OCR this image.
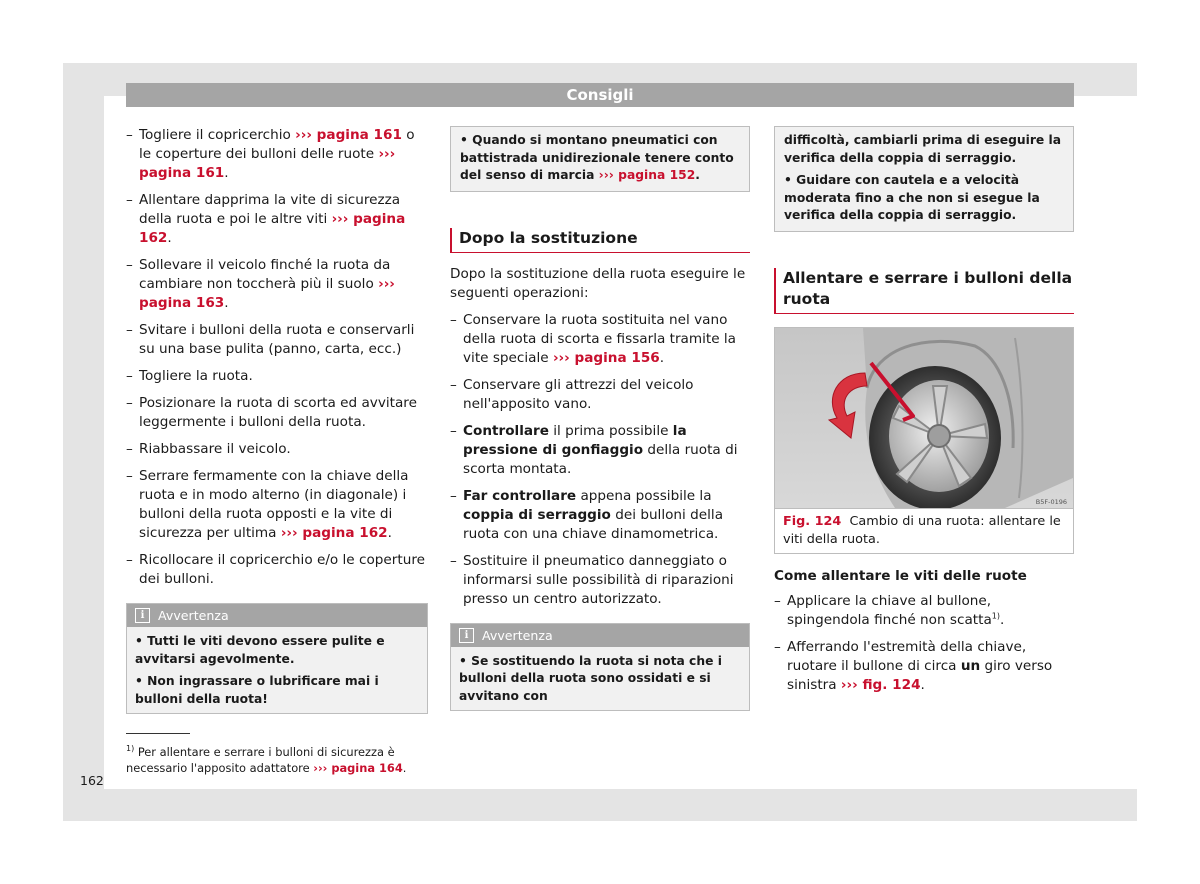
Consigli
– Togliere il copricerchio ››› pagina 161 o le coperture dei bulloni delle ruote ››› pagina 161.
– Allentare dapprima la vite di sicurezza della ruota e poi le altre viti ››› pagina 162.
– Sollevare il veicolo finché la ruota da cambiare non toccherà più il suolo ››› pagina 163.
– Svitare i bulloni della ruota e conservarli su una base pulita (panno, carta, ecc.)
– Togliere la ruota.
– Posizionare la ruota di scorta ed avvitare leggermente i bulloni della ruota.
– Riabbassare il veicolo.
– Serrare fermamente con la chiave della ruota e in modo alterno (in diagonale) i bulloni della ruota opposti e la vite di sicurezza per ultima ››› pagina 162.
– Ricollocare il copricerchio e/o le coperture dei bulloni.
i	Avvertenza

• Tutti le viti devono essere pulite e avvitarsi agevolmente.

• Non ingrassare o lubrificare mai i bulloni della ruota!

• Quando si montano pneumatici con battistrada unidirezionale tenere conto del senso di marcia ››› pagina 152.
Dopo la sostituzione

Dopo la sostituzione della ruota eseguire le seguenti operazioni:

– Conservare la ruota sostituita nel vano della ruota di scorta e fissarla tramite la vite speciale ››› pagina 156.
– Conservare gli attrezzi del veicolo nell'apposito vano.
– Controllare il prima possibile la pressione di gonfiaggio della ruota di scorta montata.
– Far controllare appena possibile la coppia di serraggio dei bulloni della ruota con una chiave dinamometrica.
– Sostituire il pneumatico danneggiato o informarsi sulle possibilità di riparazioni presso un centro autorizzato.
i	Avvertenza

• Se sostituendo la ruota si nota che i bulloni della ruota sono ossidati e si avvitano con

difficoltà, cambiarli prima di eseguire la verifica della coppia di serraggio.

• Guidare con cautela e a velocità moderata fino a che non si esegue la verifica della coppia di serraggio.

Allentare e serrare i bulloni della ruota
B5F-0196
Fig. 124 Cambio di una ruota: allentare le viti della ruota.

Come allentare le viti delle ruote

– Applicare la chiave al bullone, spingendola finché non scatta$^{1)}$.
– Afferrando l'estremità della chiave, ruotare il bullone di circa un giro verso sinistra ››› fig. 124.
$^{1)}$ Per allentare e serrare i bulloni di sicurezza è necessario l'apposito adattatore ››› pagina 164.
162
